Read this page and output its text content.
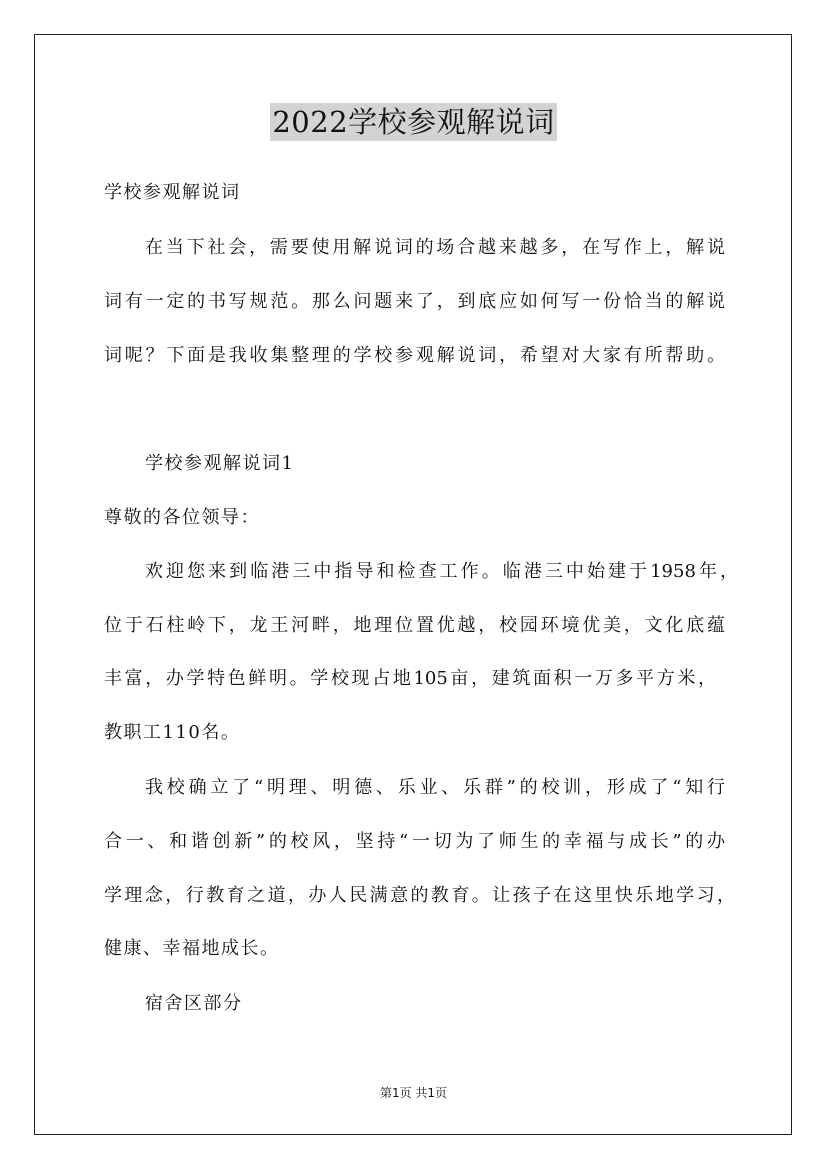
2022学校参观解说词
学校参观解说词
在当下社会，需要使用解说词的场合越来越多，在写作上，解说
词有一定的书写规范。那么问题来了，到底应如何写一份恰当的解说
词呢？下面是我收集整理的学校参观解说词，希望对大家有所帮助。
学校参观解说词1
尊敬的各位领导：
欢迎您来到临港三中指导和检查工作。临港三中始建于1958年，
位于石柱岭下，龙王河畔，地理位置优越，校园环境优美，文化底蕴
丰富，办学特色鲜明。学校现占地105亩，建筑面积一万多平方米，
教职工110名。
我校确立了“明理、明德、乐业、乐群”的校训，形成了“知行
合一、和谐创新”的校风，坚持“一切为了师生的幸福与成长”的办
学理念，行教育之道，办人民满意的教育。让孩子在这里快乐地学习，
健康、幸福地成长。
宿舍区部分
第1页 共1页
